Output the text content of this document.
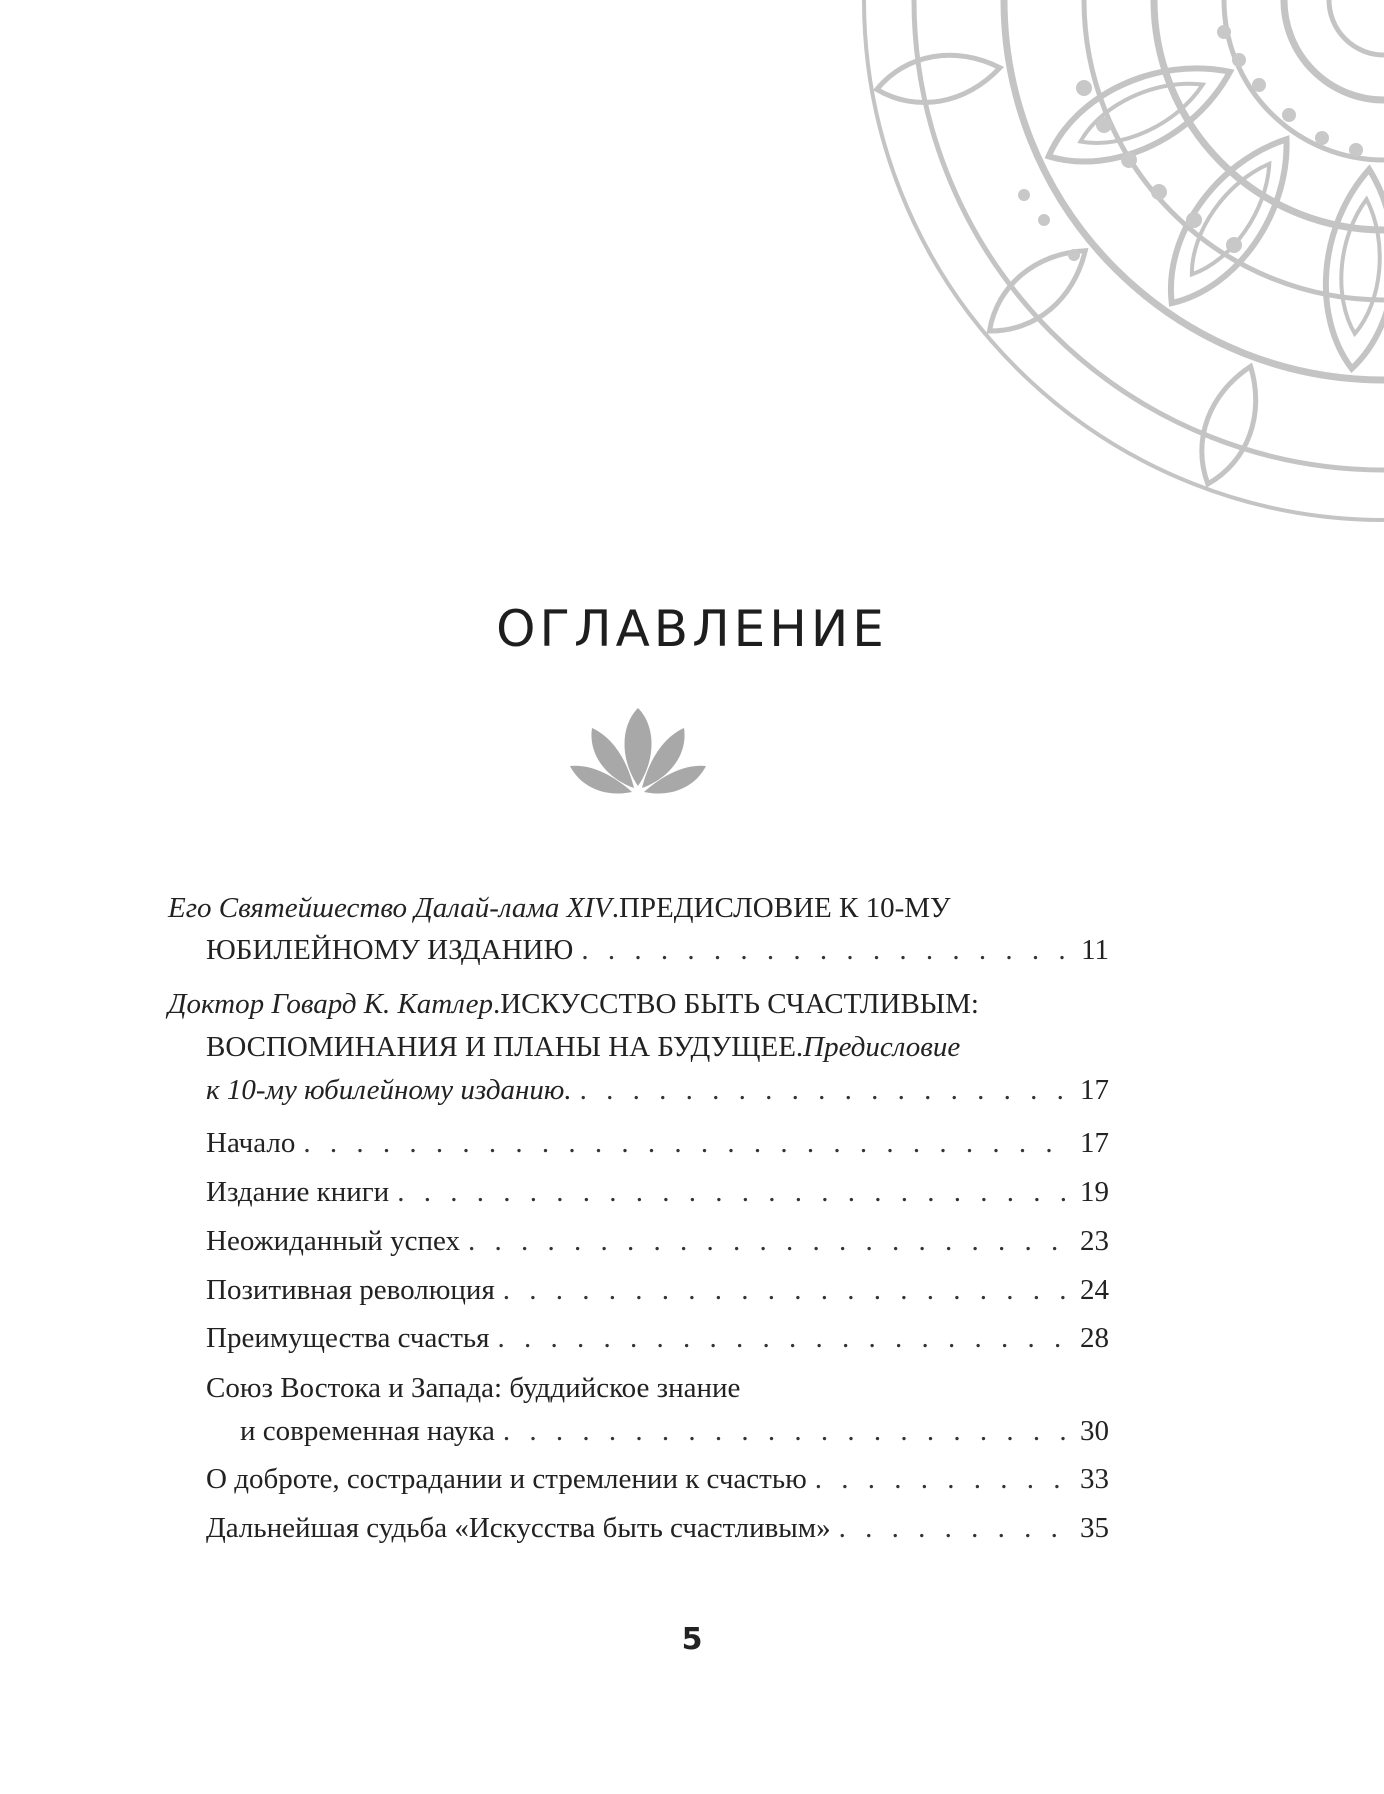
ОГЛАВЛЕНИЕ
Его Святейшество Далай-лама XIV . ПРЕДИСЛОВИЕ К 10-МУ
ЮБИЛЕЙНОМУ ИЗДАНИЮ . . .	11
Доктор Говард К. Катлер . ИСКУССТВО БЫТЬ СЧАСТЛИВЫМ:
ВОСПОМИНАНИЯ И ПЛАНЫ НА БУДУЩЕЕ. Предисловие
к 10-му юбилейному изданию. . . .	17
Начало . . .	17
Издание книги . . .	19
Неожиданный успех . . .	23
Позитивная революция . . .	24
Преимущества счастья . . .	28
Союз Востока и Запада: буддийское знание
и современная наука . . .	30
О доброте, сострадании и стремлении к счастью . . .	33
Дальнейшая судьба «Искусства быть счастливым» . . .	35
5
